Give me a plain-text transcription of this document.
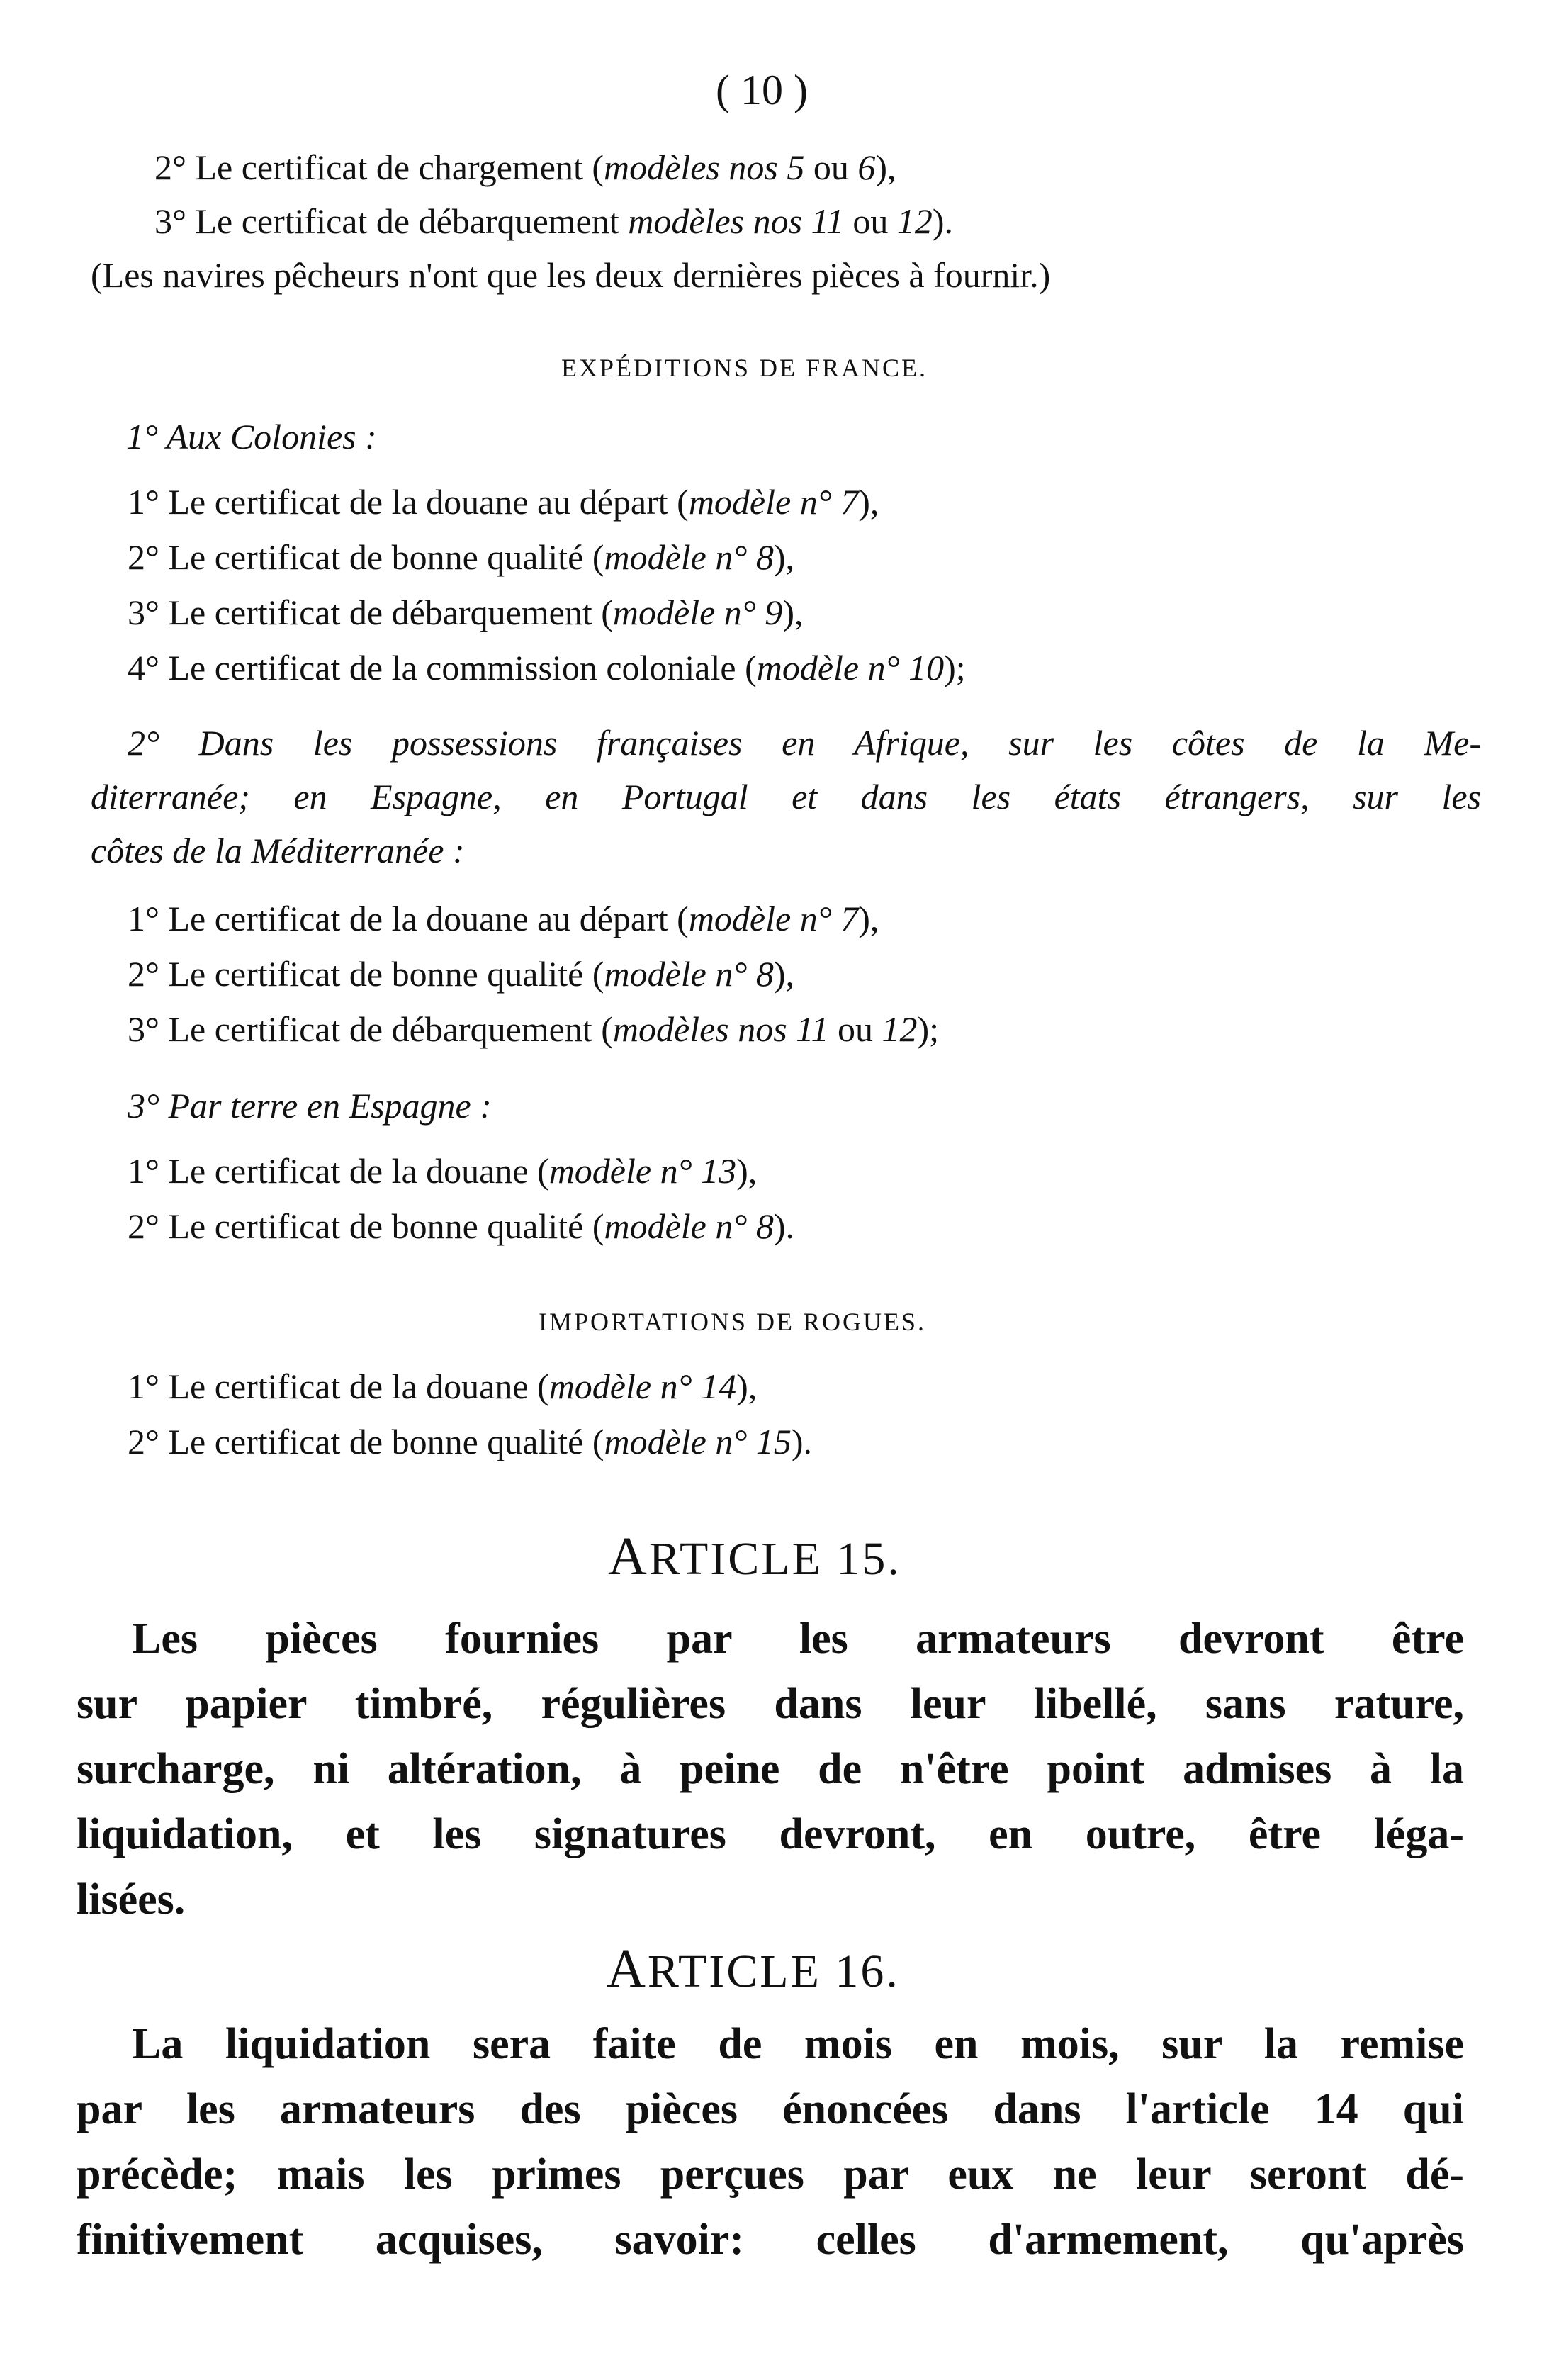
( 10 )
2° Le certificat de chargement (modèles nos 5 ou 6),
3° Le certificat de débarquement modèles nos 11 ou 12).
(Les navires pêcheurs n'ont que les deux dernières pièces à fournir.)
EXPÉDITIONS DE FRANCE.
1° Aux Colonies :
1° Le certificat de la douane au départ (modèle n° 7),
2° Le certificat de bonne qualité (modèle n° 8),
3° Le certificat de débarquement (modèle n° 9),
4° Le certificat de la commission coloniale (modèle n° 10);
2° Dans les possessions françaises en Afrique, sur les côtes de la Me-
diterranée; en Espagne, en Portugal et dans les états étrangers, sur les
côtes de la Méditerranée :
1° Le certificat de la douane au départ (modèle n° 7),
2° Le certificat de bonne qualité (modèle n° 8),
3° Le certificat de débarquement (modèles nos 11 ou 12);
3° Par terre en Espagne :
1° Le certificat de la douane (modèle n° 13),
2° Le certificat de bonne qualité (modèle n° 8).
IMPORTATIONS DE ROGUES.
1° Le certificat de la douane (modèle n° 14),
2° Le certificat de bonne qualité (modèle n° 15).
ARTICLE 15.
Les pièces fournies par les armateurs devront être
sur papier timbré, régulières dans leur libellé, sans rature,
surcharge, ni altération, à peine de n'être point admises à la
liquidation, et les signatures devront, en outre, être léga-
lisées.
ARTICLE 16.
La liquidation sera faite de mois en mois, sur la remise
par les armateurs des pièces énoncées dans l'article 14 qui
précède; mais les primes perçues par eux ne leur seront dé-
finitivement acquises, savoir: celles d'armement, qu'après
